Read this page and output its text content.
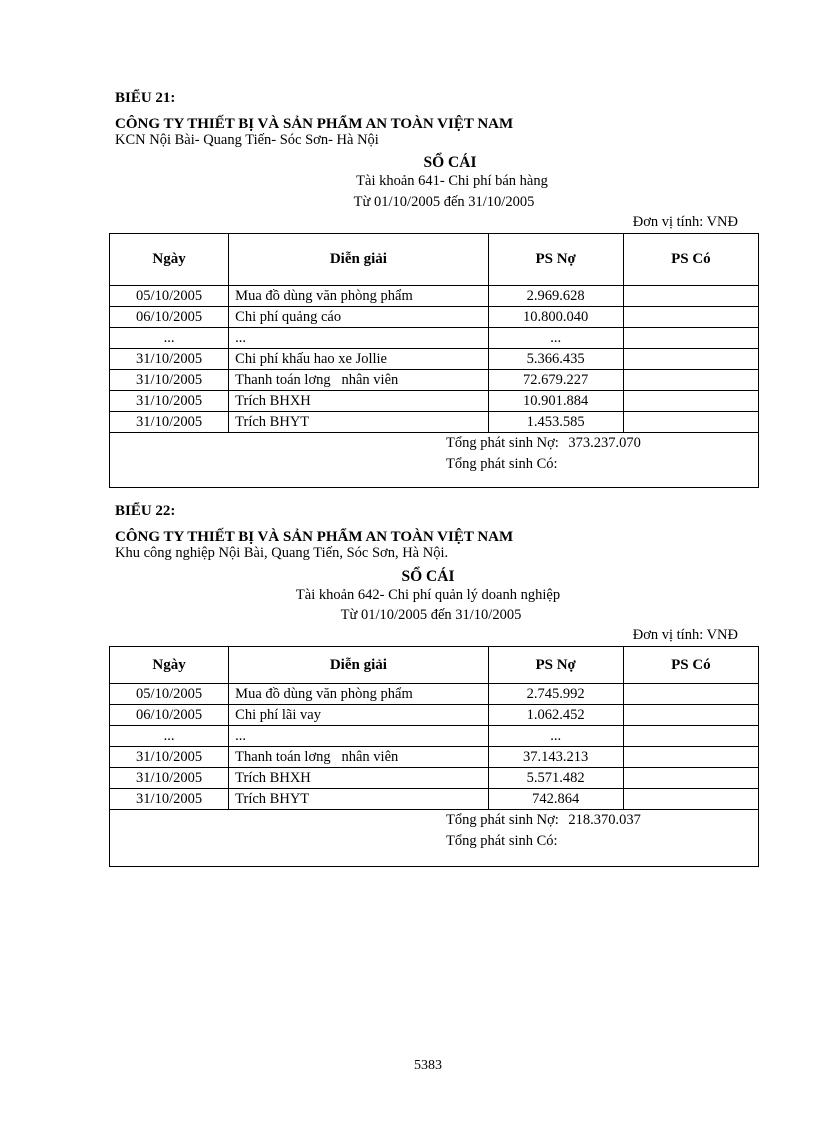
BIỂU 21:
CÔNG TY THIẾT BỊ VÀ SẢN PHẨM AN TOÀN VIỆT NAM
KCN Nội Bài- Quang Tiến- Sóc Sơn- Hà Nội
SỔ CÁI
Tài khoản 641- Chi phí bán hàng
Từ 01/10/2005 đến 31/10/2005
Đơn vị tính: VNĐ
Ngày	Diễn giải	PS Nợ	PS Có
05/10/2005	Mua đồ dùng văn phòng phẩm	2.969.628	
06/10/2005	Chi phí quảng cáo	10.800.040	
...	...	...	
31/10/2005	Chi phí khấu hao xe Jollie	5.366.435	
31/10/2005	Thanh toán lơng   nhân viên	72.679.227	
31/10/2005	Trích BHXH	10.901.884	
31/10/2005	Trích BHYT	1.453.585	

Tổng phát sinh Nợ: 373.237.070
Tổng phát sinh Có:			
BIỂU 22:
CÔNG TY THIẾT BỊ VÀ SẢN PHẨM AN TOÀN VIỆT NAM
Khu công nghiệp Nội Bài, Quang Tiến, Sóc Sơn, Hà Nội.
SỔ CÁI
Tài khoản 642- Chi phí quản lý doanh nghiệp
Từ 01/10/2005 đến 31/10/2005
Đơn vị tính: VNĐ
Ngày	Diễn giải	PS Nợ	PS Có
05/10/2005	Mua đồ dùng văn phòng phẩm	2.745.992	
06/10/2005	Chi phí lãi vay	1.062.452	
...	...	...	
31/10/2005	Thanh toán lơng   nhân viên	37.143.213	
31/10/2005	Trích BHXH	5.571.482	
31/10/2005	Trích BHYT	742.864	

Tổng phát sinh Nợ: 218.370.037
Tổng phát sinh Có:			
5383
